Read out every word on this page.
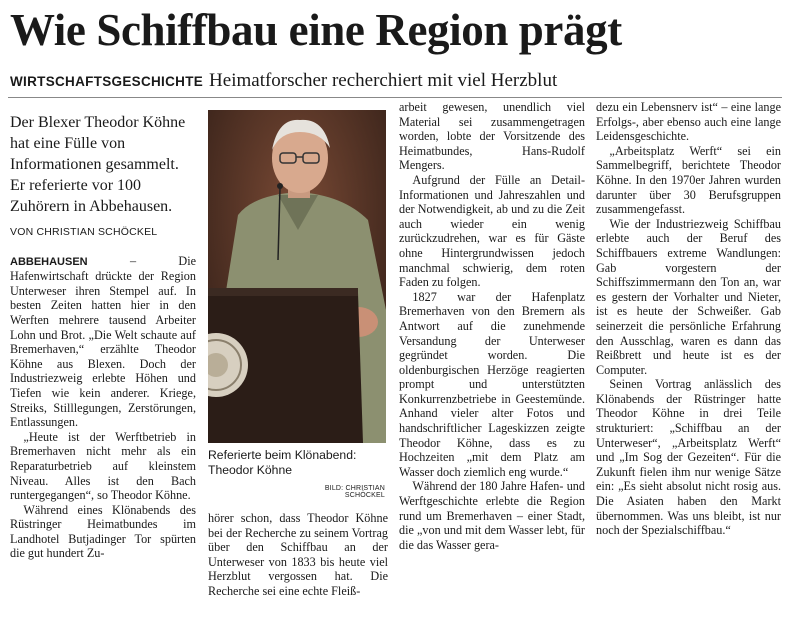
Wie Schiffbau eine Region prägt
WIRTSCHAFTSGESCHICHTE Heimatforscher recherchiert mit viel Herzblut

Der Blexer Theodor Köhne hat eine Fülle von Informationen gesammelt. Er referierte vor 100 Zuhörern in Abbehausen.

VON CHRISTIAN SCHÖCKEL

ABBEHAUSEN – Die Hafenwirtschaft drückte der Region Unterweser ihren Stempel auf. In besten Zeiten hatten hier in den Werften mehrere tausend Arbeiter Lohn und Brot. „Die Welt schaute auf Bremerhaven,“ erzählte Theodor Köhne aus Blexen. Doch der Industriezweig erlebte Höhen und Tiefen wie kein anderer. Kriege, Streiks, Stilllegungen, Zerstörungen, Entlassungen.

„Heute ist der Werftbetrieb in Bremerhaven nicht mehr als ein Reparaturbetrieb auf kleinstem Niveau. Alles ist den Bach runtergegangen“, so Theodor Köhne.

Während eines Klönabends des Rüstringer Heimatbundes im Landhotel Butjadinger Tor spürten die gut hundert Zu-

Referierte beim Klönabend: Theodor Köhne
BILD: CHRISTIAN SCHÖCKEL

hörer schon, dass Theodor Köhne bei der Recherche zu seinem Vortrag über den Schiffbau an der Unterweser von 1833 bis heute viel Herzblut vergossen hat. Die Recherche sei eine echte Fleiß-

arbeit gewesen, unendlich viel Material sei zusammengetragen worden, lobte der Vorsitzende des Heimatbundes, Hans-Rudolf Mengers.

Aufgrund der Fülle an Detail-Informationen und Jahreszahlen und der Notwendigkeit, ab und zu die Zeit auch wieder ein wenig zurückzudrehen, war es für Gäste ohne Hintergrundwissen jedoch manchmal schwierig, dem roten Faden zu folgen.

1827 war der Hafenplatz Bremerhaven von den Bremern als Antwort auf die zunehmende Versandung der Unterweser gegründet worden. Die oldenburgischen Herzöge reagierten prompt und unterstützten Konkurrenzbetriebe in Geestemünde. Anhand vieler alter Fotos und handschriftlicher Lageskizzen zeigte Theodor Köhne, dass es zu Hochzeiten „mit dem Platz am Wasser doch ziemlich eng wurde.“

Während der 180 Jahre Hafen- und Werftgeschichte erlebte die Region rund um Bremerhaven – einer Stadt, die „von und mit dem Wasser lebt, für die das Wasser gera-

dezu ein Lebensnerv ist“ – eine lange Erfolgs-, aber ebenso auch eine lange Leidensgeschichte.

„Arbeitsplatz Werft“ sei ein Sammelbegriff, berichtete Theodor Köhne. In den 1970er Jahren wurden darunter über 30 Berufsgruppen zusammengefasst.

Wie der Industriezweig Schiffbau erlebte auch der Beruf des Schiffbauers extreme Wandlungen: Gab vorgestern der Schiffszimmermann den Ton an, war es gestern der Vorhalter und Nieter, ist es heute der Schweißer. Gab seinerzeit die persönliche Erfahrung den Ausschlag, waren es dann das Reißbrett und heute ist es der Computer.

Seinen Vortrag anlässlich des Klönabends der Rüstringer hatte Theodor Köhne in drei Teile strukturiert: „Schiffbau an der Unterweser“, „Arbeitsplatz Werft“ und „Im Sog der Gezeiten“. Für die Zukunft fielen ihm nur wenige Sätze ein: „Es sieht absolut nicht rosig aus. Die Asiaten haben den Markt übernommen. Was uns bleibt, ist nur noch der Spezialschiffbau.“
